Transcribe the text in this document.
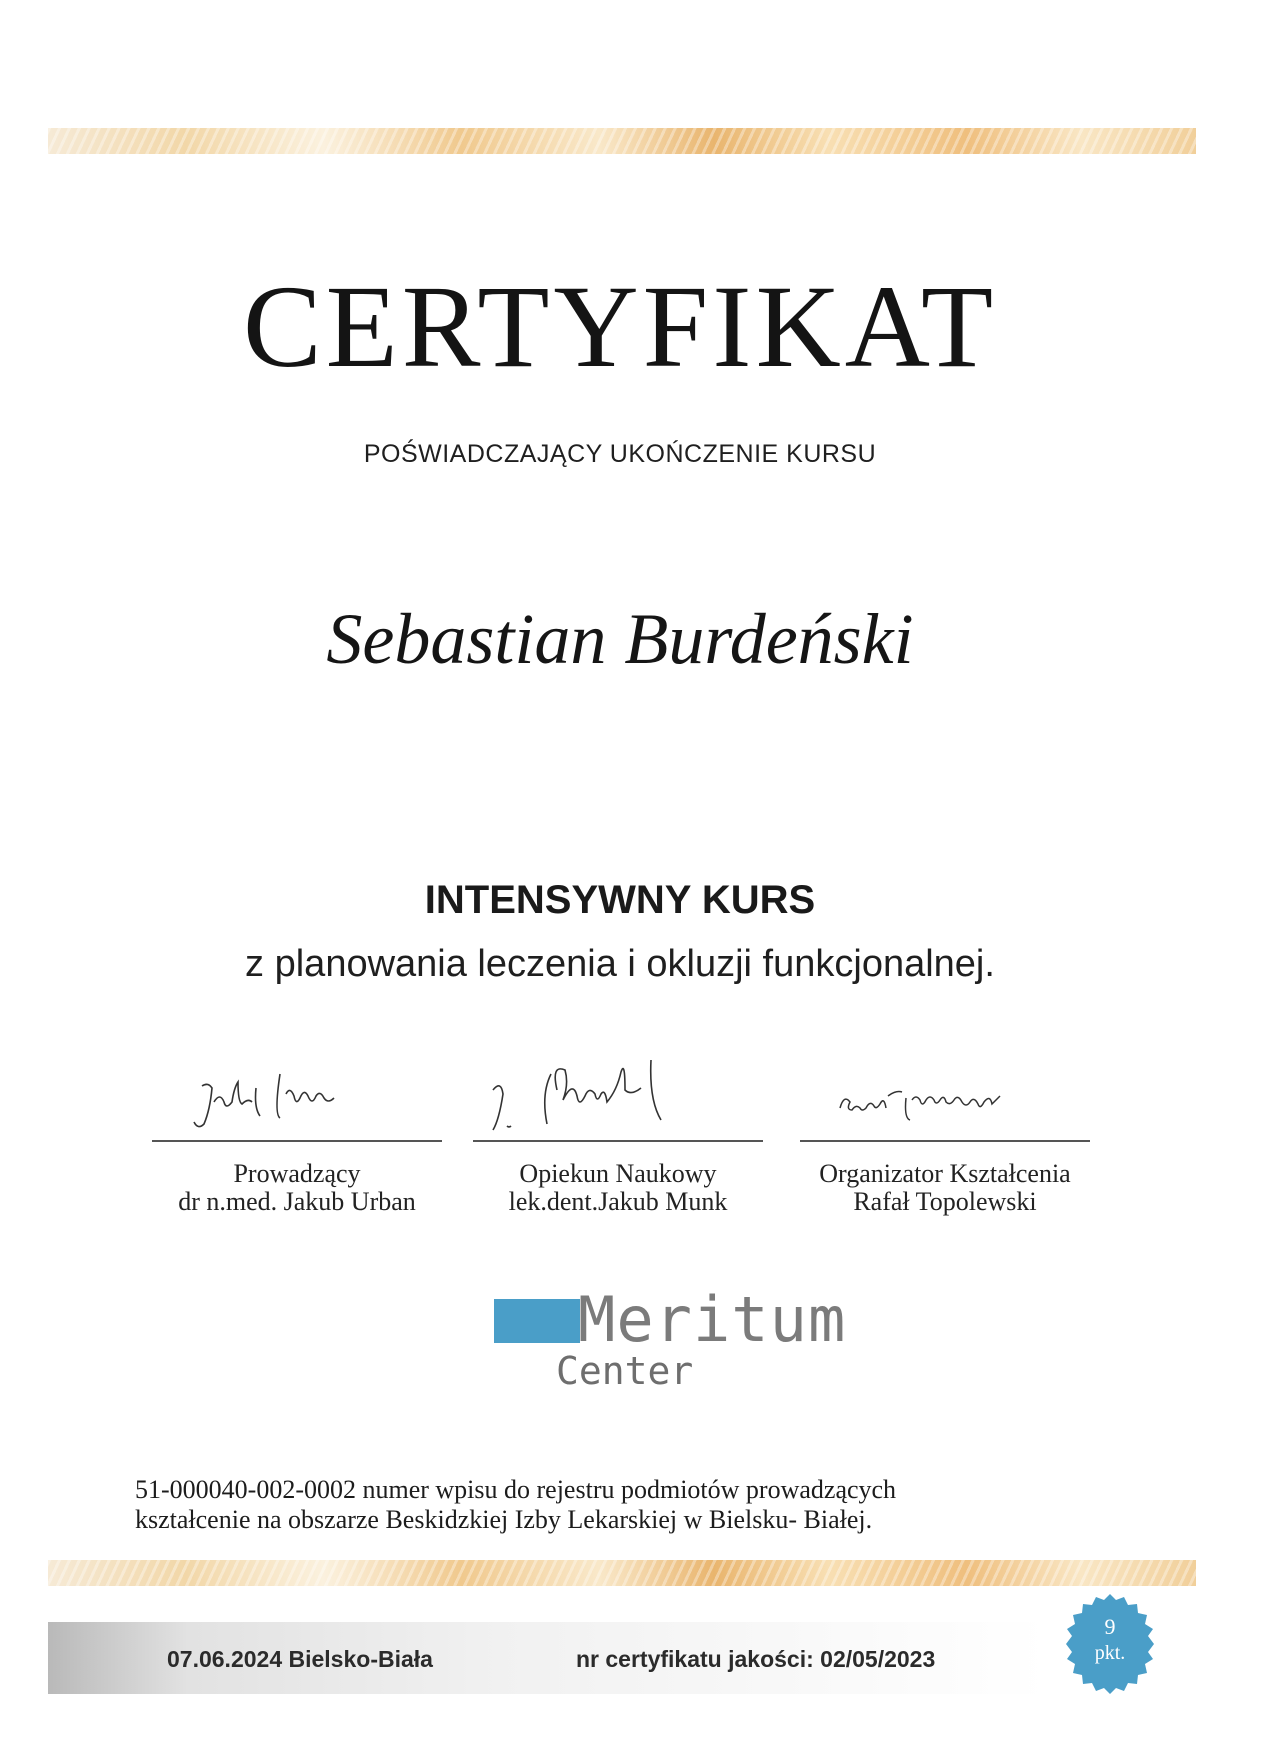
CERTYFIKAT
POŚWIADCZAJĄCY UKOŃCZENIE KURSU
Sebastian Burdeński
INTENSYWNY KURS
z planowania leczenia i okluzji funkcjonalnej.
Prowadzący
dr n.med. Jakub Urban
Opiekun Naukowy
lek.dent.Jakub Munk
Organizator Kształcenia
Rafał Topolewski
Meritum
Center
51-000040-002-0002 numer wpisu do rejestru podmiotów prowadzących
kształcenie na obszarze Beskidzkiej Izby Lekarskiej w Bielsku- Białej.
07.06.2024 Bielsko-Biała	nr certyfikatu jakości: 02/05/2023
9
pkt.
